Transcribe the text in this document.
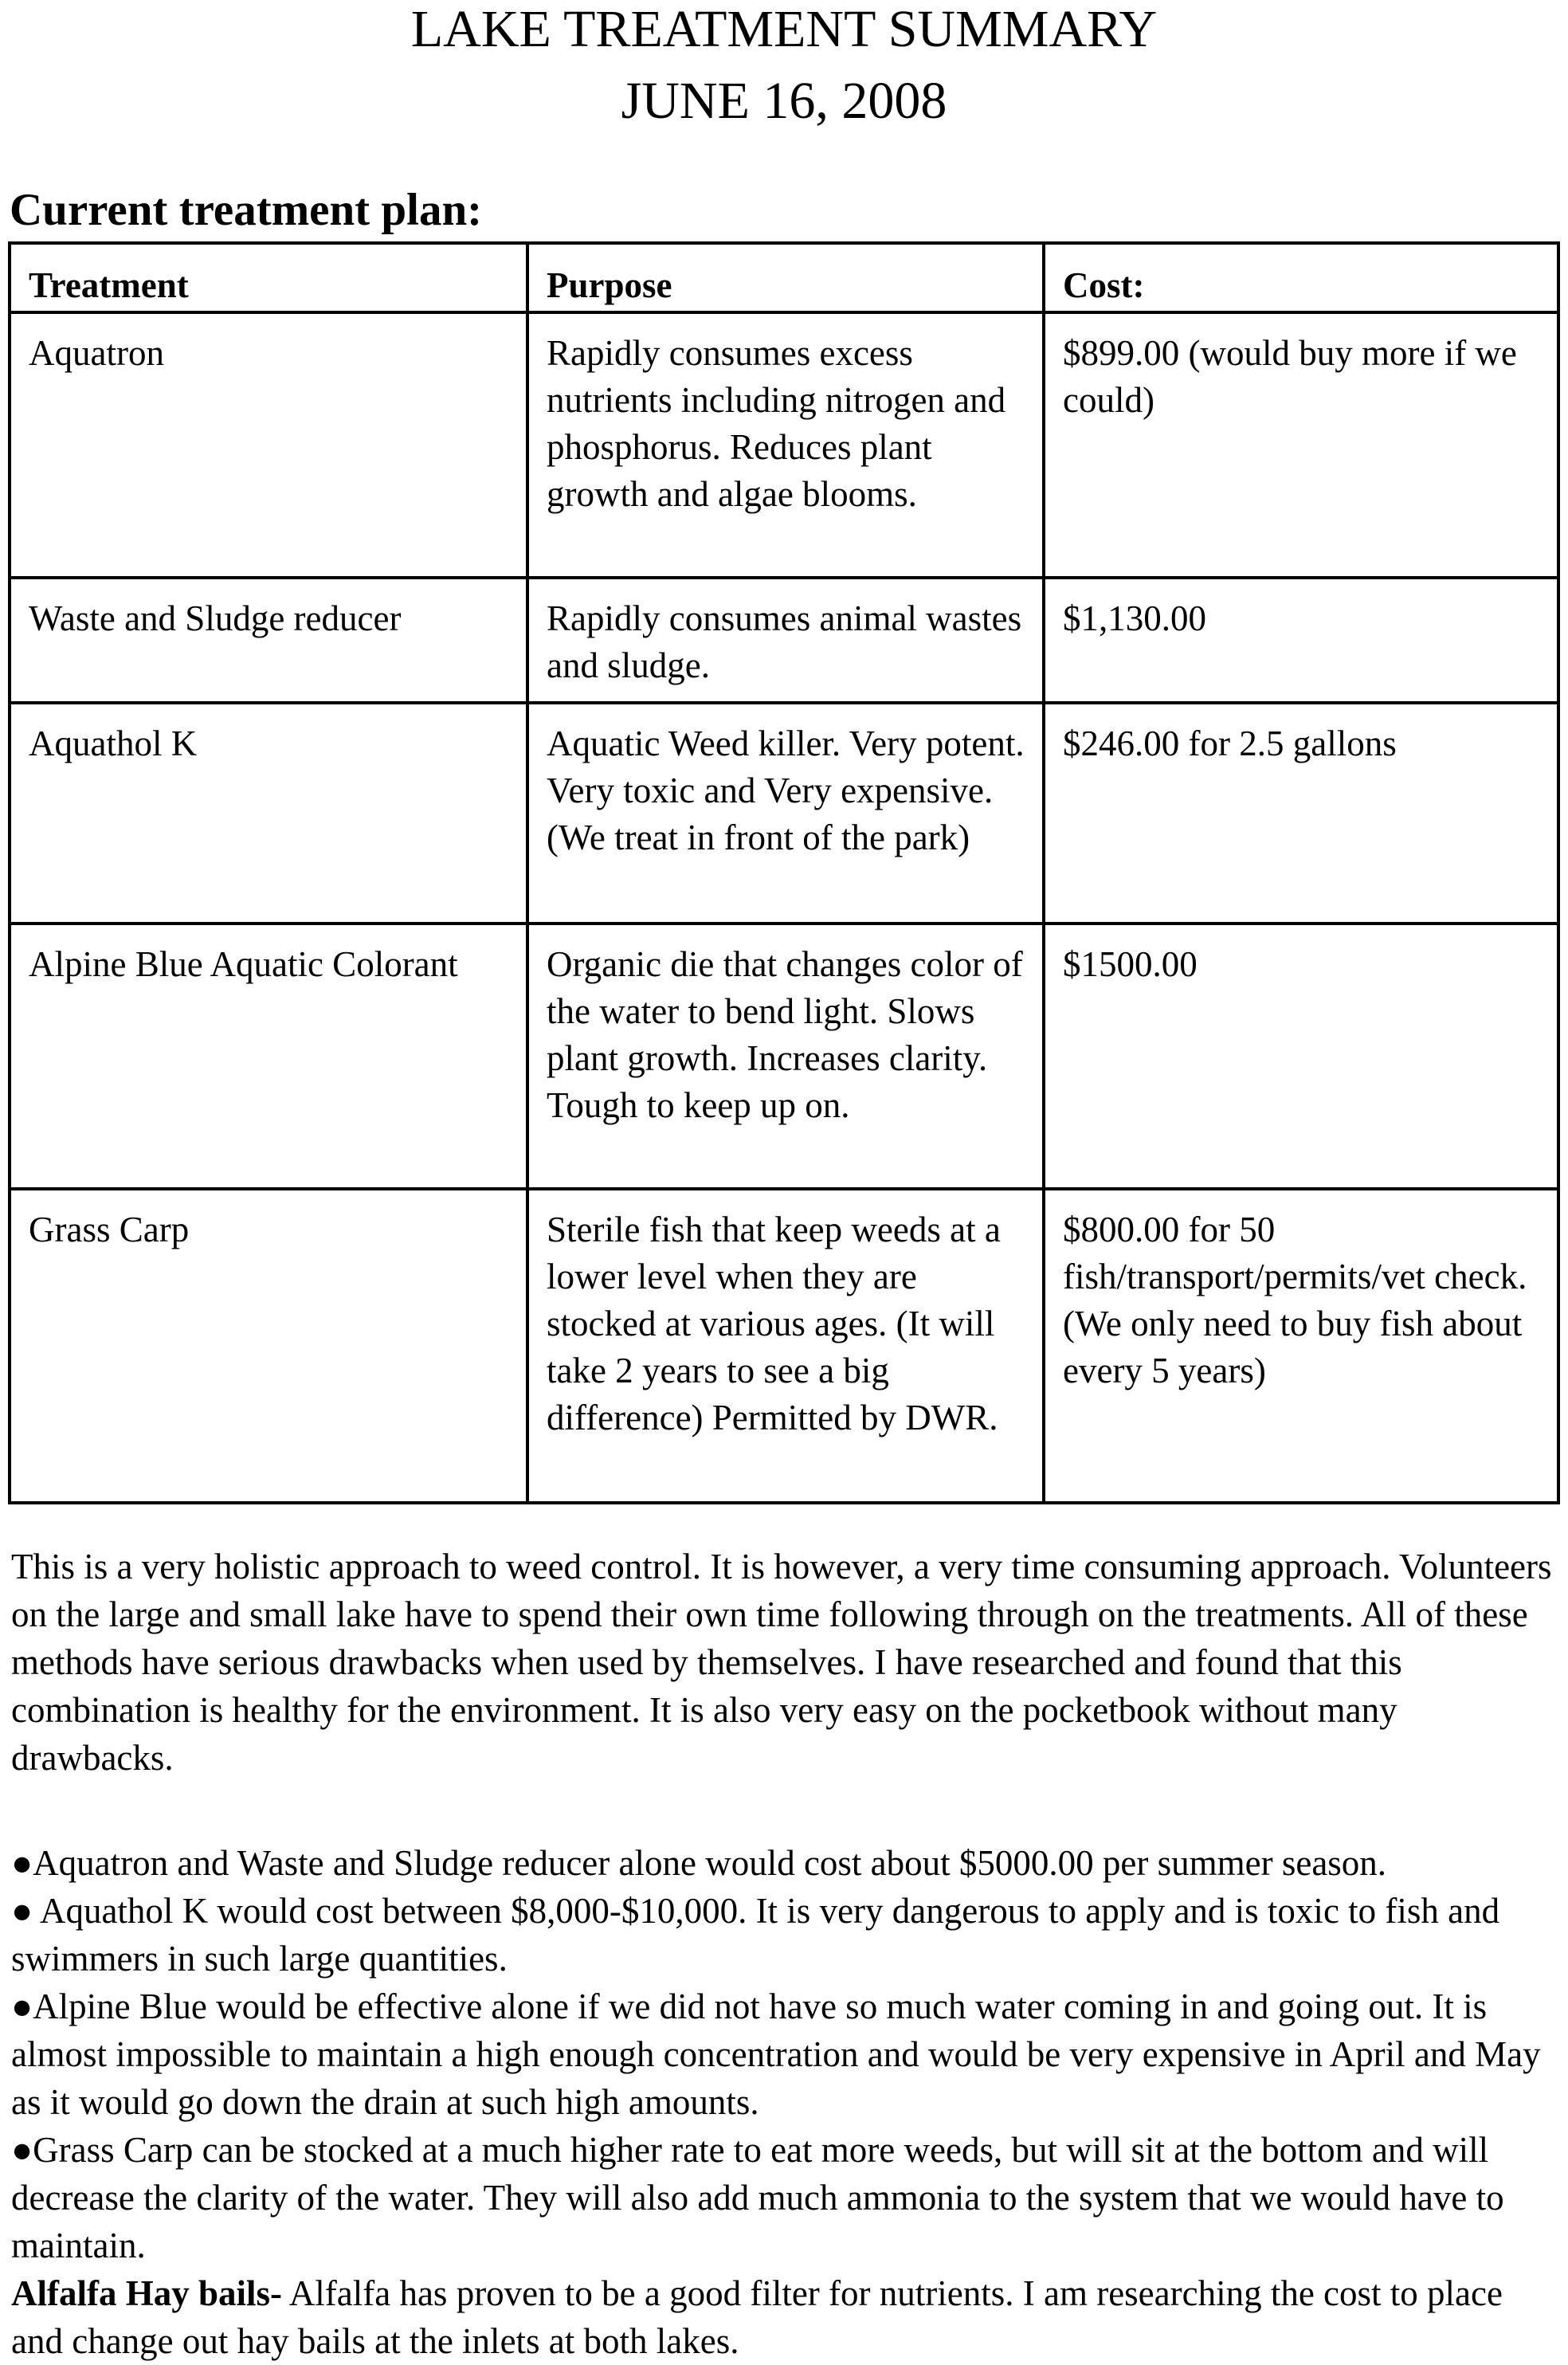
LAKE TREATMENT SUMMARY
JUNE 16, 2008
Current treatment plan:
Treatment	Purpose	Cost:
Aquatron	Rapidly consumes excess nutrients including nitrogen and phosphorus. Reduces plant growth and algae blooms.	$899.00 (would buy more if we could)
Waste and Sludge reducer	Rapidly consumes animal wastes and sludge.	$1,130.00
Aquathol K	Aquatic Weed killer. Very potent. Very toxic and Very expensive. (We treat in front of the park)	$246.00 for 2.5 gallons
Alpine Blue Aquatic Colorant	Organic die that changes color of the water to bend light. Slows plant growth. Increases clarity. Tough to keep up on.	$1500.00
Grass Carp	Sterile fish that keep weeds at a lower level when they are stocked at various ages. (It will take 2 years to see a big difference) Permitted by DWR.	$800.00 for 50 fish/transport/permits/vet check. (We only need to buy fish about every 5 years)

This is a very holistic approach to weed control. It is however, a very time consuming approach. Volunteers on the large and small lake have to spend their own time following through on the treatments. All of these methods have serious drawbacks when used by themselves. I have researched and found that this combination is healthy for the environment. It is also very easy on the pocketbook without many drawbacks.

●Aquatron and Waste and Sludge reducer alone would cost about $5000.00 per summer season.

● Aquathol K would cost between $8,000-$10,000. It is very dangerous to apply and is toxic to fish and swimmers in such large quantities.

●Alpine Blue would be effective alone if we did not have so much water coming in and going out. It is almost impossible to maintain a high enough concentration and would be very expensive in April and May as it would go down the drain at such high amounts.

●Grass Carp can be stocked at a much higher rate to eat more weeds, but will sit at the bottom and will decrease the clarity of the water. They will also add much ammonia to the system that we would have to maintain.

Alfalfa Hay bails- Alfalfa has proven to be a good filter for nutrients. I am researching the cost to place and change out hay bails at the inlets at both lakes.
